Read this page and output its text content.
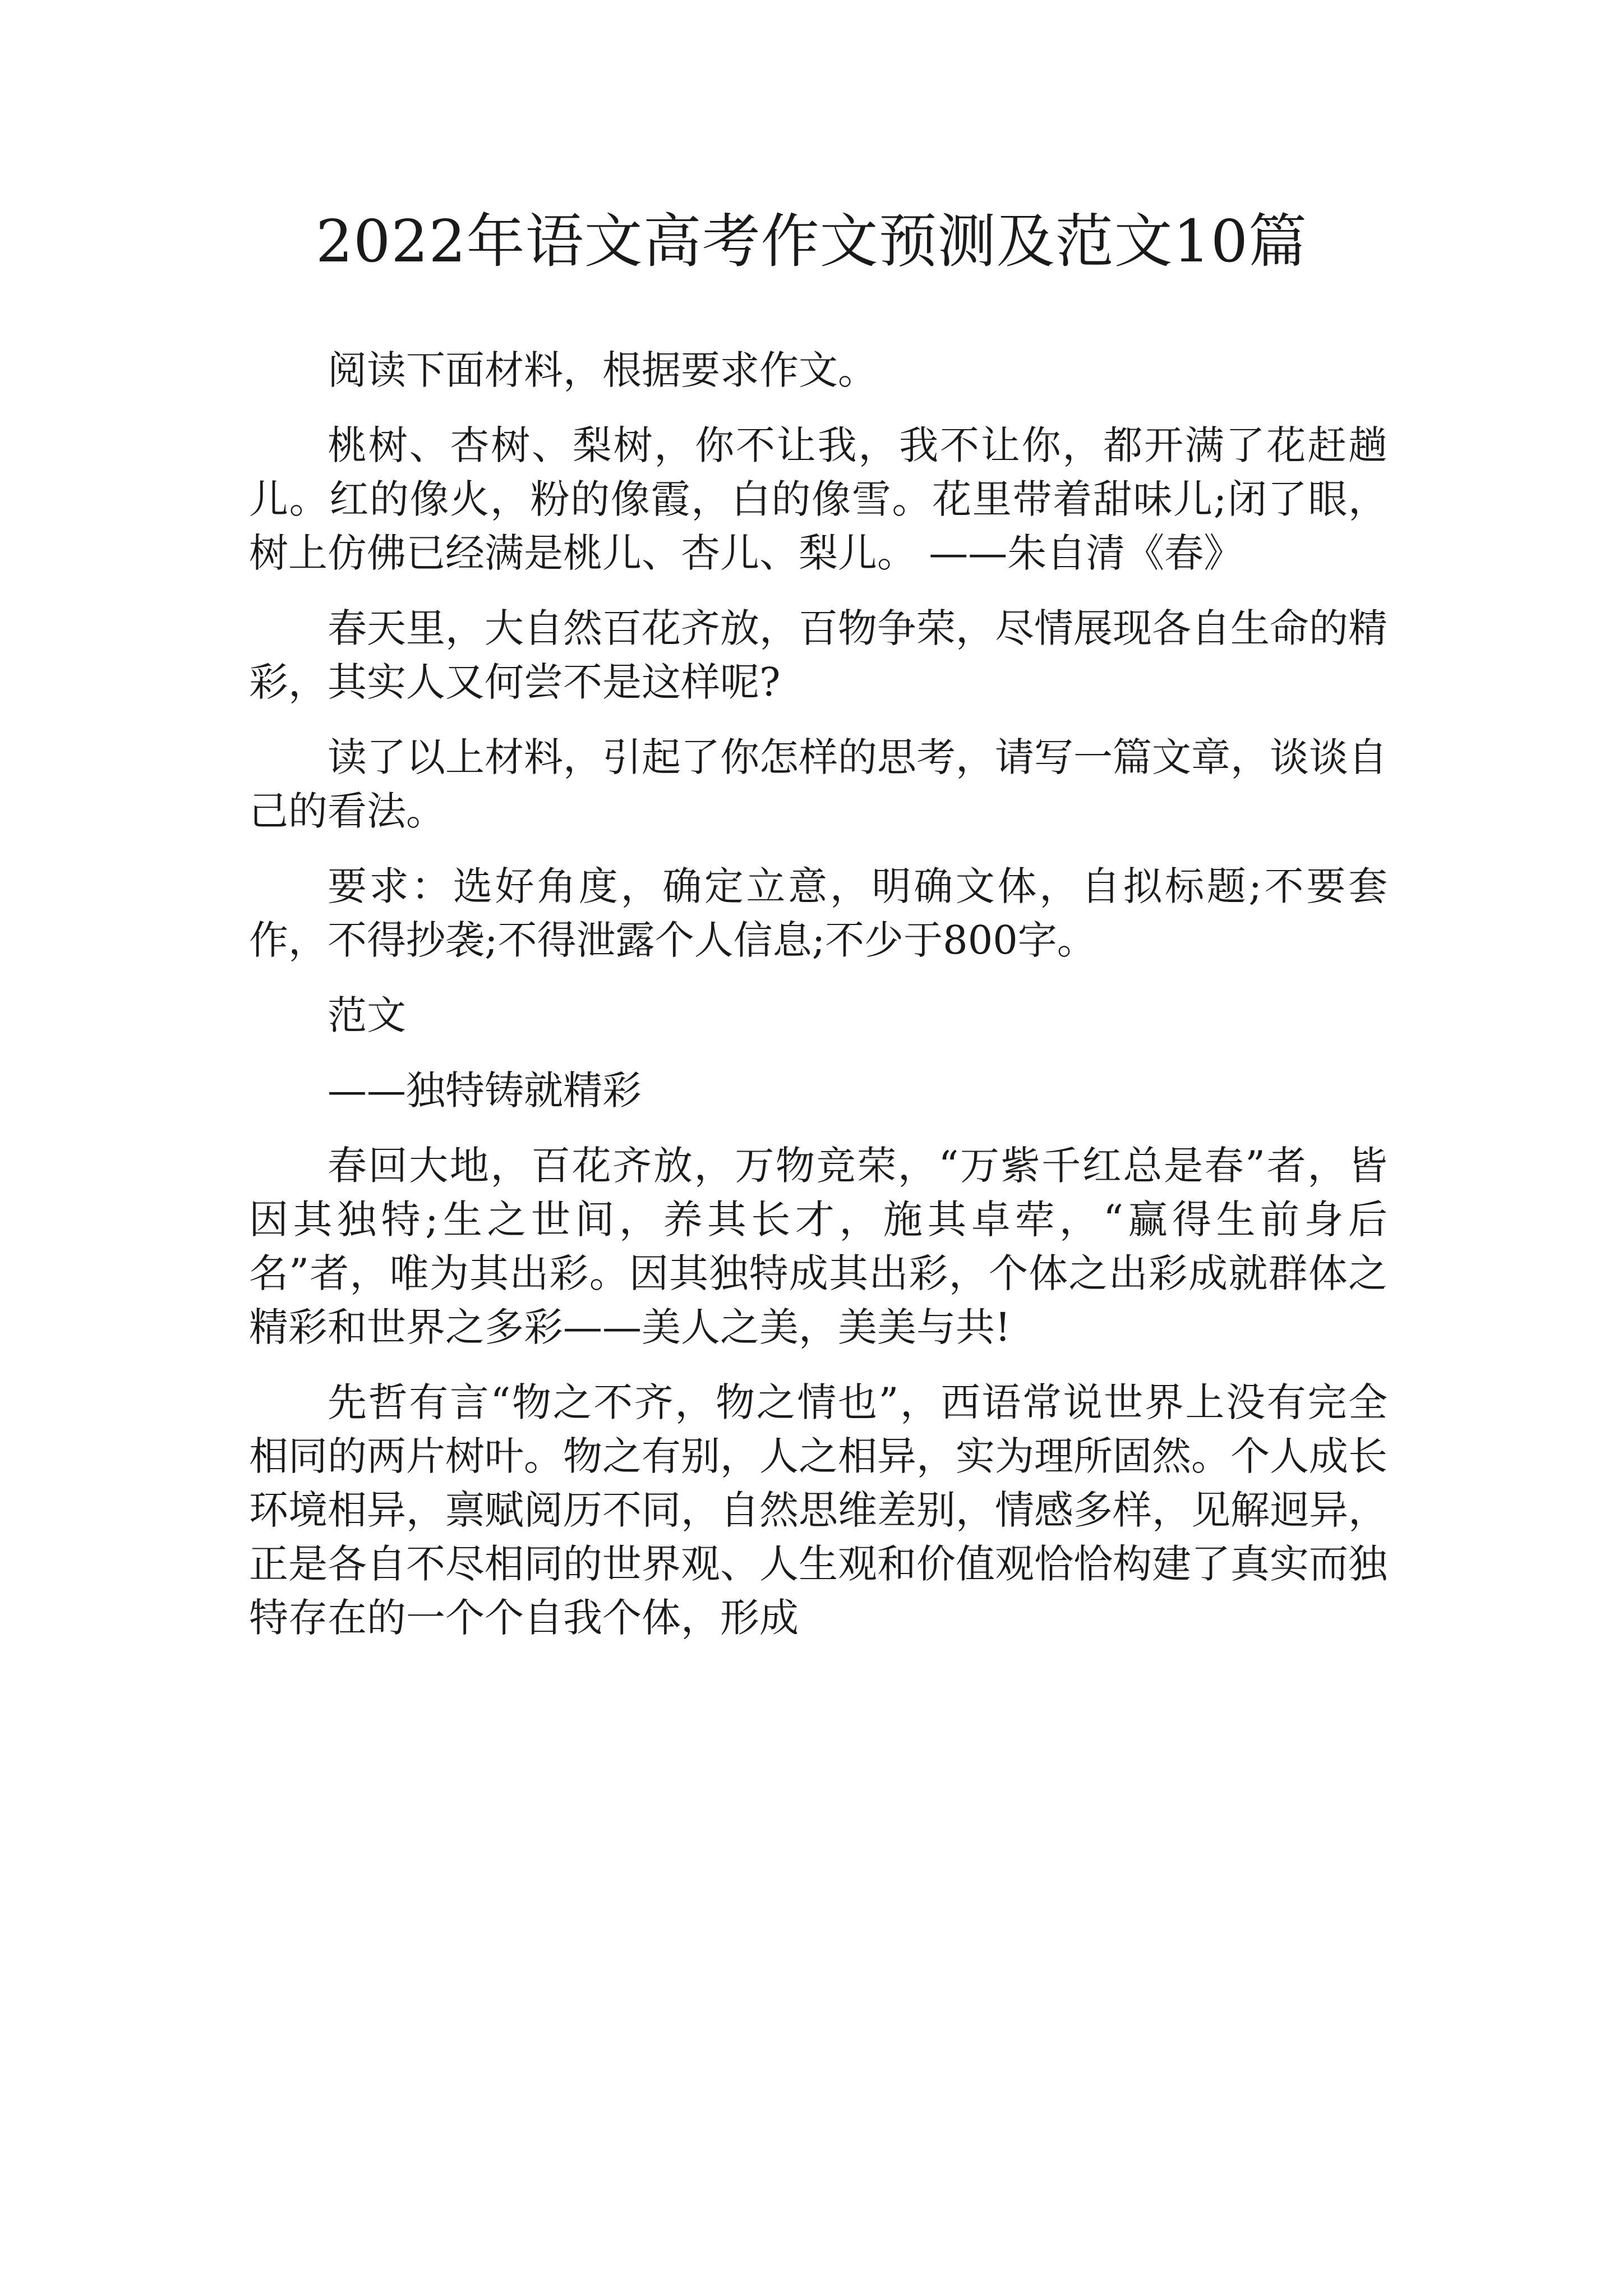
2022年语文高考作文预测及范文10篇

阅读下面材料，根据要求作文。

桃树、杏树、梨树，你不让我，我不让你，都开满了花赶趟儿。红的像火，粉的像霞，白的像雪。花里带着甜味儿;闭了眼，树上仿佛已经满是桃儿、杏儿、梨儿。 ——朱自清《春》

春天里，大自然百花齐放，百物争荣，尽情展现各自生命的精彩，其实人又何尝不是这样呢?

读了以上材料，引起了你怎样的思考，请写一篇文章，谈谈自己的看法。

要求：选好角度，确定立意，明确文体，自拟标题;不要套作，不得抄袭;不得泄露个人信息;不少于800字。

范文

——独特铸就精彩

春回大地，百花齐放，万物竞荣，“万紫千红总是春”者，皆因其独特;生之世间，养其长才，施其卓荦，“赢得生前身后名”者，唯为其出彩。因其独特成其出彩，个体之出彩成就群体之精彩和世界之多彩——美人之美，美美与共!

先哲有言“物之不齐，物之情也”，西语常说世界上没有完全相同的两片树叶。物之有别，人之相异，实为理所固然。个人成长环境相异，禀赋阅历不同，自然思维差别，情感多样，见解迥异，正是各自不尽相同的世界观、人生观和价值观恰恰构建了真实而独特存在的一个个自我个体，形成
